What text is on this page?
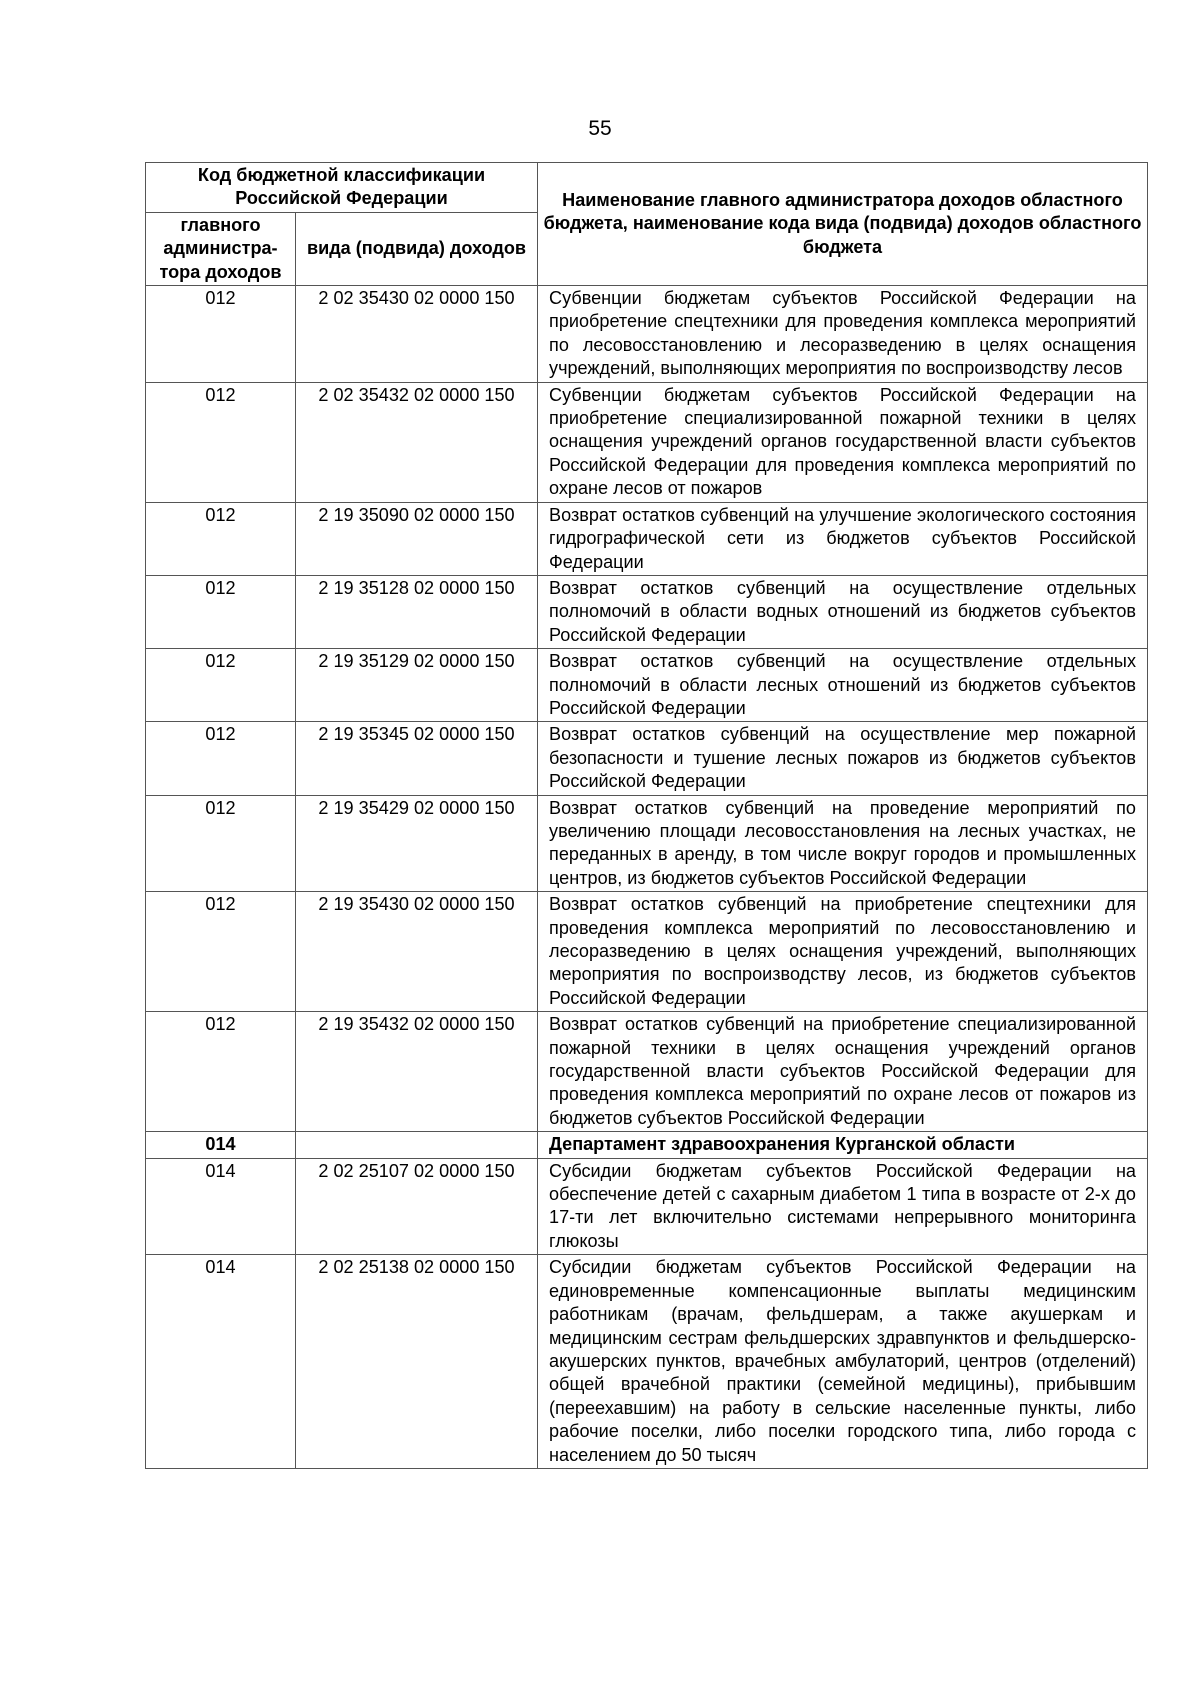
55
Код бюджетной классификации Российской Федерации		Наименование главного администратора доходов областного бюджета, наименование кода вида (подвида) доходов областного бюджета
главного администра-тора доходов	вида (подвида) доходов	
012	2 02 35430 02 0000 150	Субвенции бюджетам субъектов Российской Федерации на приобретение спецтехники для проведения комплекса мероприятий по лесовосстановлению и лесоразведению в целях оснащения учреждений, выполняющих мероприятия по воспроизводству лесов
012	2 02 35432 02 0000 150	Субвенции бюджетам субъектов Российской Федерации на приобретение специализированной пожарной техники в целях оснащения учреждений органов государственной власти субъектов Российской Федерации для проведения комплекса мероприятий по охране лесов от пожаров
012	2 19 35090 02 0000 150	Возврат остатков субвенций на улучшение экологического состояния гидрографической сети из бюджетов субъектов Российской Федерации
012	2 19 35128 02 0000 150	Возврат остатков субвенций на осуществление отдельных полномочий в области водных отношений из бюджетов субъектов Российской Федерации
012	2 19 35129 02 0000 150	Возврат остатков субвенций на осуществление отдельных полномочий в области лесных отношений из бюджетов субъектов Российской Федерации
012	2 19 35345 02 0000 150	Возврат остатков субвенций на осуществление мер пожарной безопасности и тушение лесных пожаров из бюджетов субъектов Российской Федерации
012	2 19 35429 02 0000 150	Возврат остатков субвенций на проведение мероприятий по увеличению площади лесовосстановления на лесных участках, не переданных в аренду, в том числе вокруг городов и промышленных центров, из бюджетов субъектов Российской Федерации
012	2 19 35430 02 0000 150	Возврат остатков субвенций на приобретение спецтехники для проведения комплекса мероприятий по лесовосстановлению и лесоразведению в целях оснащения учреждений, выполняющих мероприятия по воспроизводству лесов, из бюджетов субъектов Российской Федерации
012	2 19 35432 02 0000 150	Возврат остатков субвенций на приобретение специализированной пожарной техники в целях оснащения учреждений органов государственной власти субъектов Российской Федерации для проведения комплекса мероприятий по охране лесов от пожаров из бюджетов субъектов Российской Федерации
014		Департамент здравоохранения Курганской области
014	2 02 25107 02 0000 150	Субсидии бюджетам субъектов Российской Федерации на обеспечение детей с сахарным диабетом 1 типа в возрасте от 2-х до 17-ти лет включительно системами непрерывного мониторинга глюкозы
014	2 02 25138 02 0000 150	Субсидии бюджетам субъектов Российской Федерации на единовременные компенсационные выплаты медицинским работникам (врачам, фельдшерам, а также акушеркам и медицинским сестрам фельдшерских здравпунктов и фельдшерско-акушерских пунктов, врачебных амбулаторий, центров (отделений) общей врачебной практики (семейной медицины), прибывшим (переехавшим) на работу в сельские населенные пункты, либо рабочие поселки, либо поселки городского типа, либо города с населением до 50 тысяч
